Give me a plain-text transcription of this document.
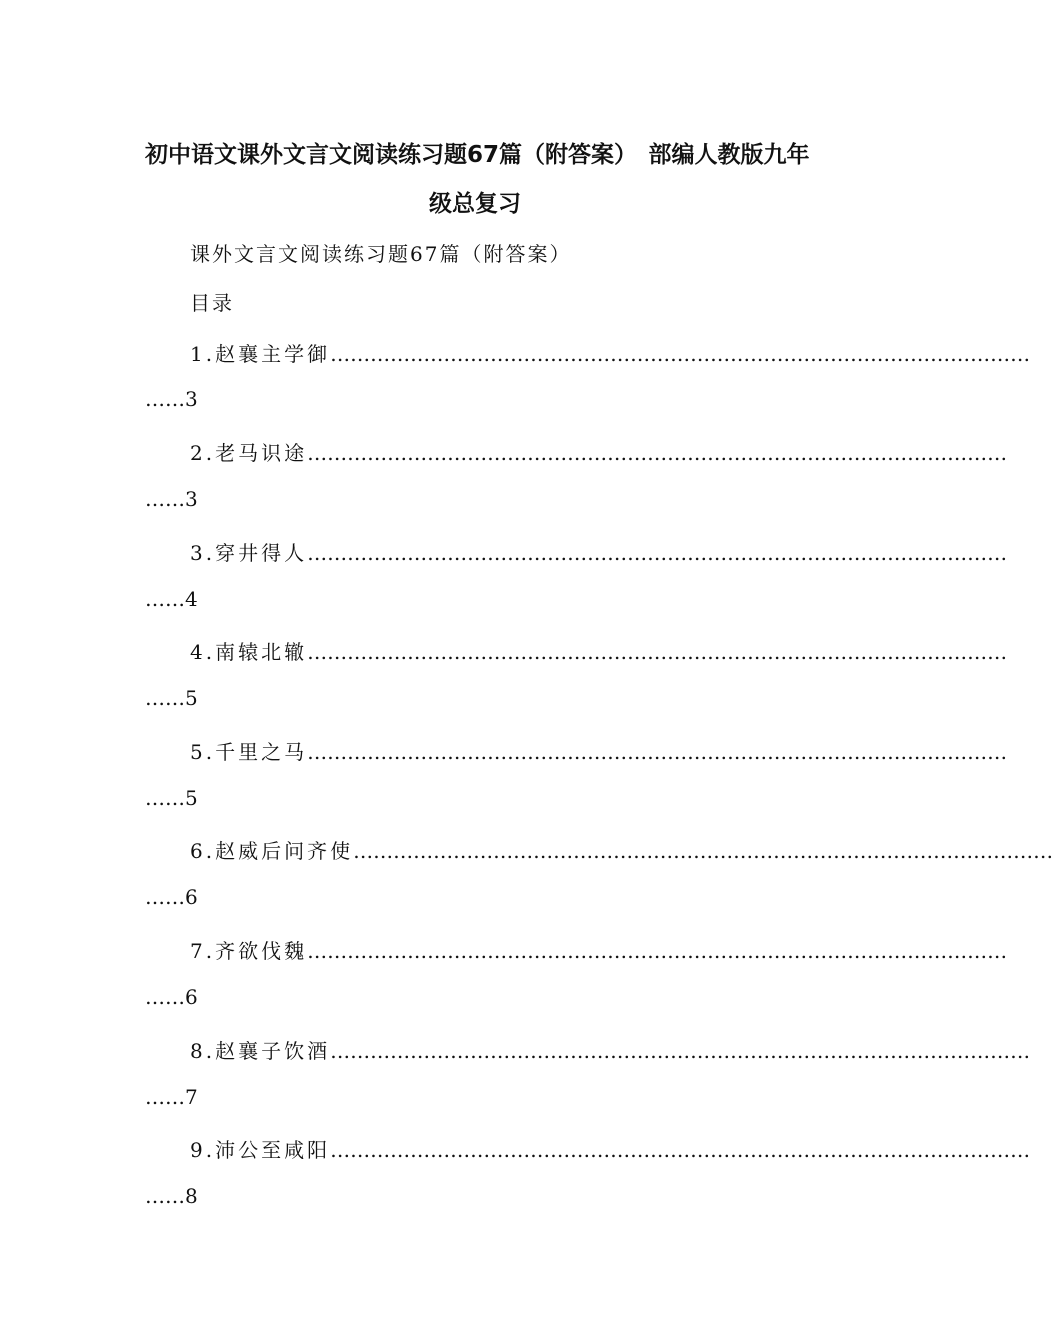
初中语文课外文言文阅读练习题67篇（附答案）　部编人教版九年
级总复习
课外文言文阅读练习题67篇（附答案）
目录
1.赵襄主学御 ……………………………………………………………………………………………
……3
2.老马识途 ……………………………………………………………………………………………
……3
3.穿井得人 ……………………………………………………………………………………………
……4
4.南辕北辙 ……………………………………………………………………………………………
……5
5.千里之马 ……………………………………………………………………………………………
……5
6.赵威后问齐使 ……………………………………………………………………………………………
……6
7.齐欲伐魏 ……………………………………………………………………………………………
……6
8.赵襄子饮酒 ……………………………………………………………………………………………
……7
9.沛公至咸阳 ……………………………………………………………………………………………
……8
